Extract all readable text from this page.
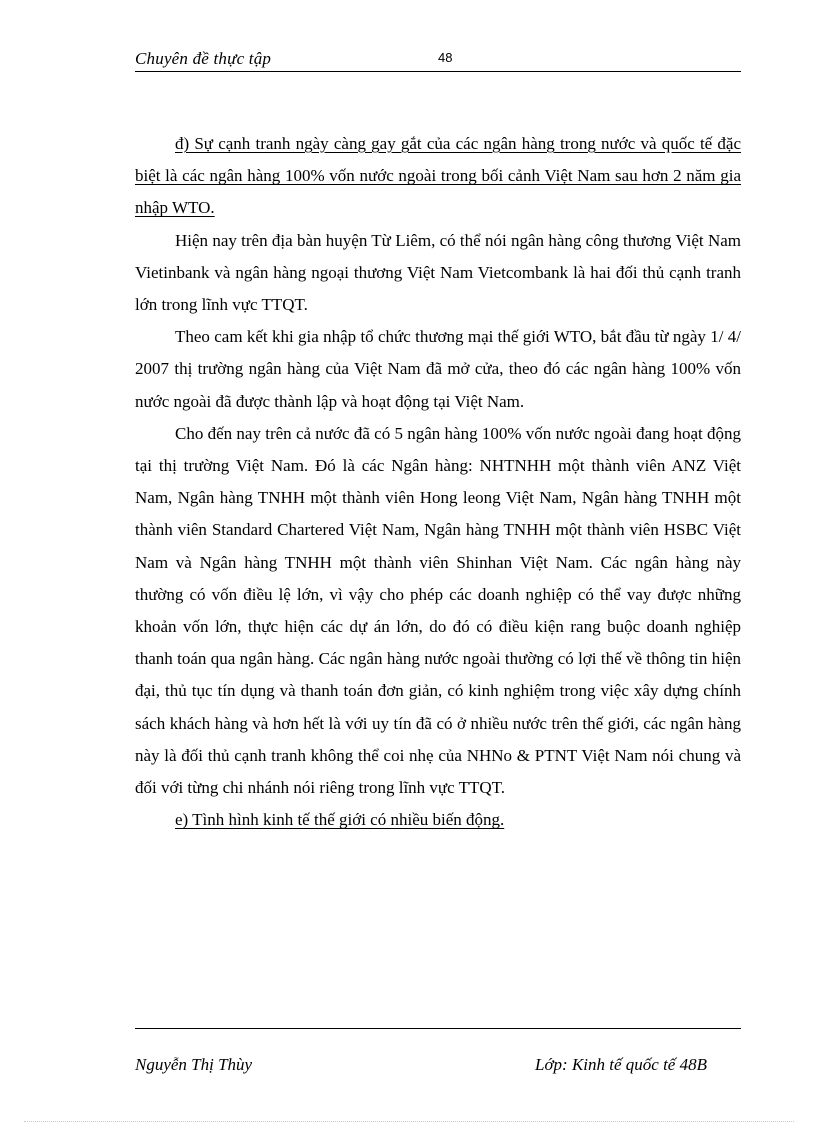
Chuyên đề thực tập	48

đ) Sự cạnh tranh ngày càng gay gắt của các ngân hàng trong nước và quốc tế đặc biệt là các ngân hàng 100% vốn nước ngoài trong bối cảnh Việt Nam sau hơn 2 năm gia nhập WTO.

Hiện nay trên địa bàn huyện Từ Liêm, có thể nói ngân hàng công thương Việt Nam Vietinbank và ngân hàng ngoại thương Việt Nam Vietcombank là hai đối thủ cạnh tranh lớn trong lĩnh vực TTQT.

Theo cam kết khi gia nhập tổ chức thương mại thế giới WTO, bắt đầu từ ngày 1/ 4/ 2007 thị trường ngân hàng của Việt Nam đã mở cửa, theo đó các ngân hàng 100% vốn nước ngoài đã được thành lập và hoạt động tại Việt Nam.

Cho đến nay trên cả nước đã có 5 ngân hàng 100% vốn nước ngoài đang hoạt động tại thị trường Việt Nam. Đó là các Ngân hàng: NHTNHH một thành viên ANZ Việt Nam, Ngân hàng TNHH một thành viên Hong leong Việt Nam, Ngân hàng TNHH một thành viên Standard Chartered Việt Nam, Ngân hàng TNHH một thành viên HSBC Việt Nam và Ngân hàng TNHH một thành viên Shinhan Việt Nam. Các ngân hàng này thường có vốn điều lệ lớn, vì vậy cho phép các doanh nghiệp có thể vay được những khoản vốn lớn, thực hiện các dự án lớn, do đó có điều kiện rang buộc doanh nghiệp thanh toán qua ngân hàng. Các ngân hàng nước ngoài thường có lợi thế về thông tin hiện đại, thủ tục tín dụng và thanh toán đơn giản, có kinh nghiệm trong việc xây dựng chính sách khách hàng và hơn hết là với uy tín đã có ở nhiều nước trên thế giới, các ngân hàng này là đối thủ cạnh tranh không thể coi nhẹ của NHNo & PTNT Việt Nam nói chung và đối với từng chi nhánh nói riêng trong lĩnh vực TTQT.

e) Tình hình kinh tế thế giới có nhiều biến động.

Nguyễn Thị Thùy	Lớp: Kinh tế quốc tế 48B
